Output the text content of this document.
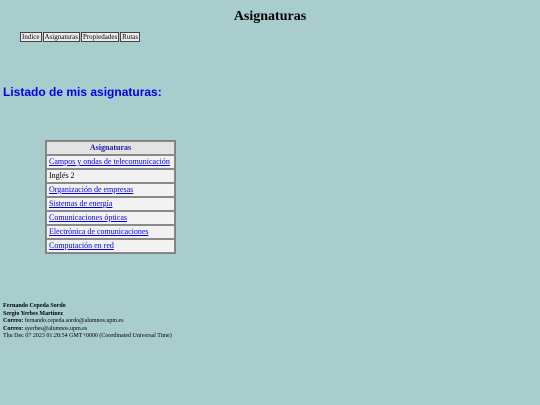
Asignaturas
Indice Asignaturas Propiedades Rutas
Listado de mis asignaturas:
Asignaturas
Campos y ondas de telecomunicación
Inglés 2
Organización de empresas
Sistemas de energía
Comunicaciones ópticas
Electrónica de comunicaciones
Computación en red
Fernando Cepeda Sordo
Sergio Yerbes Martinez
Correo: fernando.cepeda.sordo@alumnos.upm.es
Correo: syerbes@alumnos.upm.es
Thu Dec 07 2023 01:28:54 GMT+0000 (Coordinated Universal Time)
